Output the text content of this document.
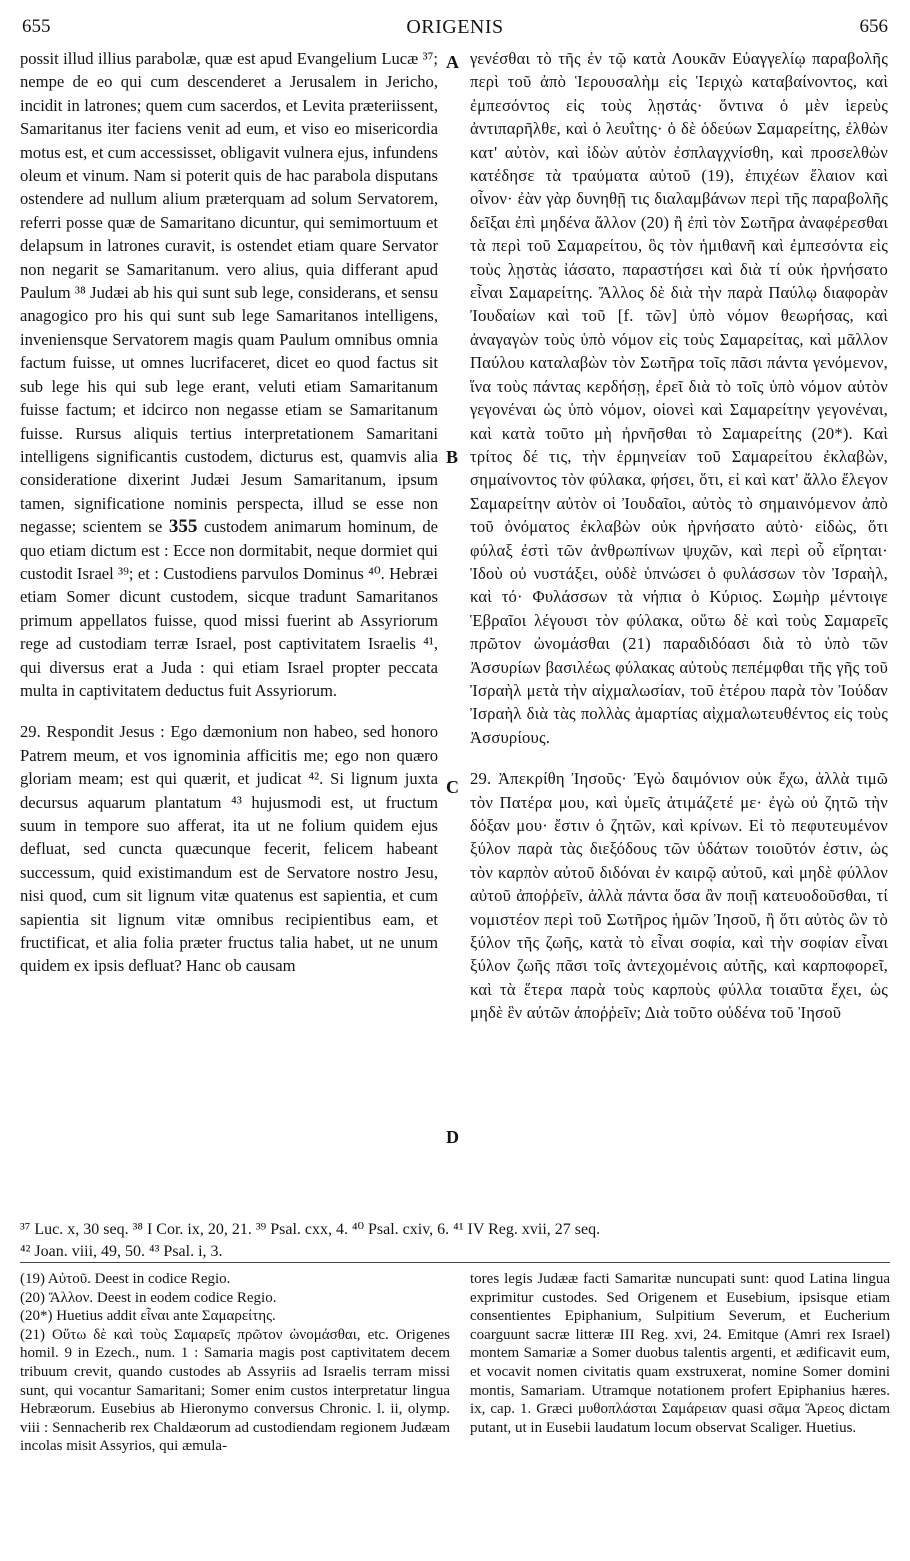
655	ORIGENIS	656

possit illud illius parabolæ, quæ est apud Evangelium Lucæ ³⁷; nempe de eo qui cum descenderet a Jerusalem in Jericho, incidit in latrones; quem cum sacerdos, et Levita præteriissent, Samaritanus iter faciens venit ad eum, et viso eo misericordia motus est, et cum accessisset, obligavit vulnera ejus, infundens oleum et vinum. Nam si poterit quis de hac parabola disputans ostendere ad nullum alium præterquam ad solum Servatorem, referri posse quæ de Samaritano dicuntur, qui semimortuum et delapsum in latrones curavit, is ostendet etiam quare Servator non negarit se Samaritanum. vero alius, quia differant apud Paulum ³⁸ Judæi ab his qui sunt sub lege, considerans, et sensu anagogico pro his qui sunt sub lege Samaritanos intelligens, inveniensque Servatorem magis quam Paulum omnibus omnia factum fuisse, ut omnes lucrifaceret, dicet eo quod factus sit sub lege his qui sub lege erant, veluti etiam Samaritanum fuisse factum; et idcirco non negasse etiam se Samaritanum fuisse. Rursus aliquis tertius interpretationem Samaritani intelligens significantis custodem, dicturus est, quamvis alia consideratione dixerint Judæi Jesum Samaritanum, ipsum tamen, significatione nominis perspecta, illud se esse non negasse; scientem se 355 custodem animarum hominum, de quo etiam dictum est : Ecce non dormitabit, neque dormiet qui custodit Israel ³⁹; et : Custodiens parvulos Dominus ⁴⁰. Hebræi etiam Somer dicunt custodem, sicque tradunt Samaritanos primum appellatos fuisse, quod missi fuerint ab Assyriorum rege ad custodiam terræ Israel, post captivitatem Israelis ⁴¹, qui diversus erat a Juda : qui etiam Israel propter peccata multa in captivitatem deductus fuit Assyriorum.

29. Respondit Jesus : Ego dæmonium non habeo, sed honoro Patrem meum, et vos ignominia afficitis me; ego non quæro gloriam meam; est qui quærit, et judicat ⁴². Si lignum juxta decursus aquarum plantatum ⁴³ hujusmodi est, ut fructum suum in tempore suo afferat, ita ut ne folium quidem ejus defluat, sed cuncta quæcunque fecerit, felicem habeant successum, quid existimandum est de Servatore nostro Jesu, nisi quod, cum sit lignum vitæ quatenus est sapientia, et cum sapientia sit lignum vitæ omnibus recipientibus eam, et fructificat, et alia folia præter fructus talia habet, ut ne unum quidem ex ipsis defluat? Hanc ob causam

A
B
C
D

γενέσθαι τὸ τῆς ἐν τῷ κατὰ Λουκᾶν Εὐαγγελίῳ παραβολῆς περὶ τοῦ ἀπὸ Ἱερουσαλὴμ εἰς Ἱεριχὼ καταβαίνοντος, καὶ ἐμπεσόντος εἰς τοὺς λῃστάς· ὅντινα ὁ μὲν ἱερεὺς ἀντιπαρῆλθε, καὶ ὁ λευΐτης· ὁ δὲ ὁδεύων Σαμαρείτης, ἐλθὼν κατ' αὐτὸν, καὶ ἰδὼν αὐτὸν ἐσπλαγχνίσθη, καὶ προσελθὼν κατέδησε τὰ τραύματα αὐτοῦ (19), ἐπιχέων ἔλαιον καὶ οἶνον· ἐὰν γὰρ δυνηθῇ τις διαλαμβάνων περὶ τῆς παραβολῆς δεῖξαι ἐπὶ μηδένα ἄλλον (20) ἢ ἐπὶ τὸν Σωτῆρα ἀναφέρεσθαι τὰ περὶ τοῦ Σαμαρείτου, ὃς τὸν ἡμιθανῆ καὶ ἐμπεσόντα εἰς τοὺς λῃστὰς ἰάσατο, παραστήσει καὶ διὰ τί οὐκ ἠρνήσατο εἶναι Σαμαρείτης. Ἄλλος δὲ διὰ τὴν παρὰ Παύλῳ διαφορὰν Ἰουδαίων καὶ τοῦ [f. τῶν] ὑπὸ νόμον θεωρήσας, καὶ ἀναγαγὼν τοὺς ὑπὸ νόμον εἰς τοὺς Σαμαρείτας, καὶ μᾶλλον Παύλου καταλαβὼν τὸν Σωτῆρα τοῖς πᾶσι πάντα γενόμενον, ἵνα τοὺς πάντας κερδήσῃ, ἐρεῖ διὰ τὸ τοῖς ὑπὸ νόμον αὐτὸν γεγονέναι ὡς ὑπὸ νόμον, οἱονεὶ καὶ Σαμαρείτην γεγονέναι, καὶ κατὰ τοῦτο μὴ ἠρνῆσθαι τὸ Σαμαρείτης (20*). Καὶ τρίτος δέ τις, τὴν ἑρμηνείαν τοῦ Σαμαρείτου ἐκλαβὼν, σημαίνοντος τὸν φύλακα, φήσει, ὅτι, εἰ καὶ κατ' ἄλλο ἔλεγον Σαμαρείτην αὐτὸν οἱ Ἰουδαῖοι, αὐτὸς τὸ σημαινόμενον ἀπὸ τοῦ ὀνόματος ἐκλαβὼν οὐκ ἠρνήσατο αὐτὸ· εἰδὼς, ὅτι φύλαξ ἐστὶ τῶν ἀνθρωπίνων ψυχῶν, καὶ περὶ οὗ εἴρηται· Ἰδοὺ οὐ νυστάξει, οὐδὲ ὑπνώσει ὁ φυλάσσων τὸν Ἰσραὴλ, καὶ τό· Φυλάσσων τὰ νήπια ὁ Κύριος. Σωμὴρ μέντοιγε Ἑβραῖοι λέγουσι τὸν φύλακα, οὕτω δὲ καὶ τοὺς Σαμαρεῖς πρῶτον ὠνομάσθαι (21) παραδιδόασι διὰ τὸ ὑπὸ τῶν Ἀσσυρίων βασιλέως φύλακας αὐτοὺς πεπέμφθαι τῆς γῆς τοῦ Ἰσραὴλ μετὰ τὴν αἰχμαλωσίαν, τοῦ ἑτέρου παρὰ τὸν Ἰούδαν Ἰσραὴλ διὰ τὰς πολλὰς ἁμαρτίας αἰχμαλωτευθέντος εἰς τοὺς Ἀσσυρίους.

29. Ἀπεκρίθη Ἰησοῦς· Ἐγὼ δαιμόνιον οὐκ ἔχω, ἀλλὰ τιμῶ τὸν Πατέρα μου, καὶ ὑμεῖς ἀτιμάζετέ με· ἐγὼ οὐ ζητῶ τὴν δόξαν μου· ἔστιν ὁ ζητῶν, καὶ κρίνων. Εἰ τὸ πεφυτευμένον ξύλον παρὰ τὰς διεξόδους τῶν ὑδάτων τοιοῦτόν ἐστιν, ὡς τὸν καρπὸν αὐτοῦ διδόναι ἐν καιρῷ αὐτοῦ, καὶ μηδὲ φύλλον αὐτοῦ ἀποῤῥεῖν, ἀλλὰ πάντα ὅσα ἂν ποιῇ κατευοδοῦσθαι, τί νομιστέον περὶ τοῦ Σωτῆρος ἡμῶν Ἰησοῦ, ἢ ὅτι αὐτὸς ὢν τὸ ξύλον τῆς ζωῆς, κατὰ τὸ εἶναι σοφία, καὶ τὴν σοφίαν εἶναι ξύλον ζωῆς πᾶσι τοῖς ἀντεχομένοις αὐτῆς, καὶ καρποφορεῖ, καὶ τὰ ἕτερα παρὰ τοὺς καρποὺς φύλλα τοιαῦτα ἔχει, ὡς μηδὲ ἓν αὐτῶν ἀποῤῥεῖν; Διὰ τοῦτο οὐδένα τοῦ Ἰησοῦ

³⁷ Luc. x, 30 seq. ³⁸ I Cor. ix, 20, 21. ³⁹ Psal. cxx, 4. ⁴⁰ Psal. cxiv, 6. ⁴¹ IV Reg. xvii, 27 seq.

⁴² Joan. viii, 49, 50. ⁴³ Psal. i, 3.

(19) Αὐτοῦ. Deest in codice Regio.
(20) Ἄλλον. Deest in eodem codice Regio.
(20*) Huetius addit εἶναι ante Σαμαρείτης.
(21) Οὕτω δὲ καὶ τοὺς Σαμαρεῖς πρῶτον ὠνομάσθαι, etc. Origenes homil. 9 in Ezech., num. 1 : Samaria magis post captivitatem decem tribuum crevit, quando custodes ab Assyriis ad Israelis terram missi sunt, qui vocantur Samaritani; Somer enim custos interpretatur lingua Hebræorum. Eusebius ab Hieronymo conversus Chronic. l. ii, olymp. viii : Sennacherib rex Chaldæorum ad custodiendam regionem Judæam incolas misit Assyrios, qui æmula-

tores legis Judææ facti Samaritæ nuncupati sunt: quod Latina lingua exprimitur custodes. Sed Origenem et Eusebium, ipsisque etiam consentientes Epiphanium, Sulpitium Severum, et Eucherium coarguunt sacræ litteræ III Reg. xvi, 24. Emitque (Amri rex Israel) montem Samariæ a Somer duobus talentis argenti, et ædificavit eum, et vocavit nomen civitatis quam exstruxerat, nomine Somer domini montis, Samariam. Utramque notationem profert Epiphanius hæres. ix, cap. 1. Græci μυθοπλάσται Σαμάρειαν quasi σᾶμα Ἄρεος dictam putant, ut in Eusebii laudatum locum observat Scaliger. Huetius.
